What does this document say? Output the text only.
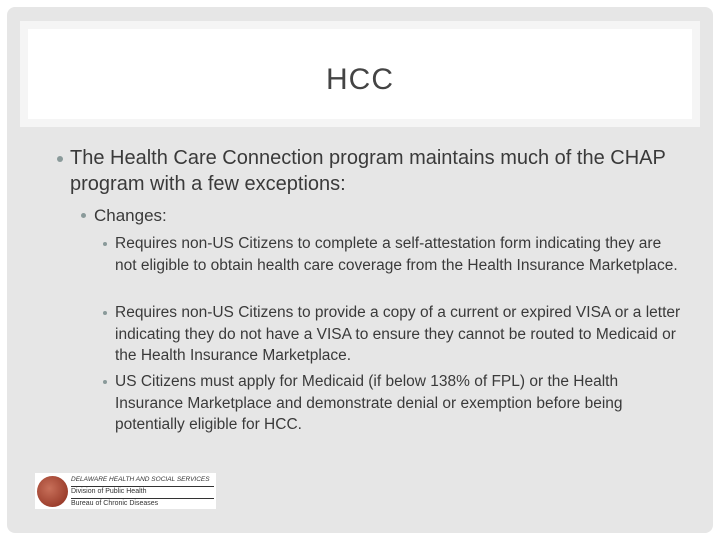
HCC
The Health Care Connection program maintains much of the CHAP program with a few exceptions:
Changes:
Requires non-US Citizens to complete a self-attestation form indicating they are not eligible to obtain health care coverage from the Health Insurance Marketplace.
Requires non-US Citizens to provide a copy of a current or expired VISA or a letter indicating they do not have a VISA to ensure they cannot be routed to Medicaid or the Health Insurance Marketplace.
US Citizens must apply for Medicaid (if below 138% of FPL) or the Health Insurance Marketplace and demonstrate denial or exemption before being potentially eligible for HCC.
DELAWARE HEALTH AND SOCIAL SERVICES
Division of Public Health
Bureau of Chronic Diseases
